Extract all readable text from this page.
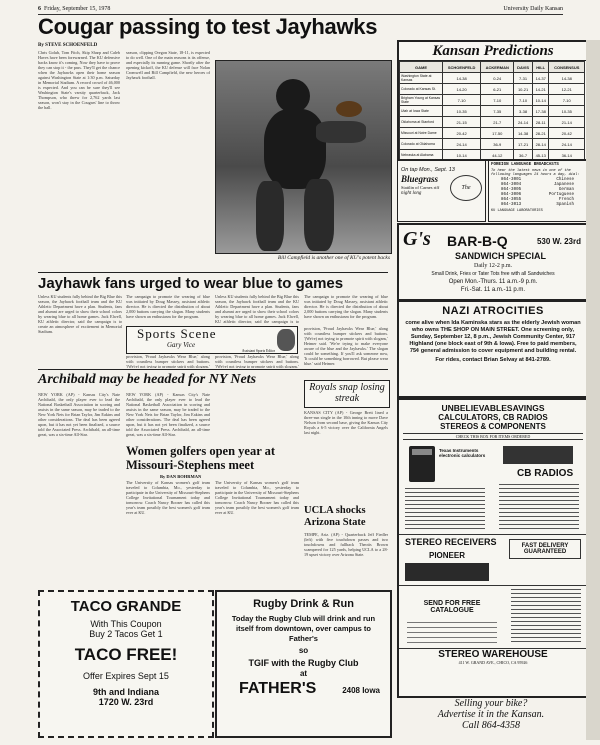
6 Friday, September 15, 1978	University Daily Kansan
Cougar passing to test Jayhawks
By STEVE SCHOENFELD
Chris Golub, Tom Fitch, Skip Sharp and Caleb Haves have been forewarned. The KU defensive backs know it's coming. Now they have to prove they can stop it - the pass. They'll get the chance when the Jayhawks open their home season against Washington State at 1:30 p.m. Saturday in Memorial Stadium. A record crowd of 46,000 is expected. And you can be sure they'll see Washington State's varsity quarterback, Jack Thompson, who threw for 2,762 yards last season, won't stay in the Cougars' line to throw the ball.
season, clipping Oregon State, 18-11, is expected to do well. One of the main reasons is its offense, and especially its running game. Shortly after the opening kickoff, the KU defense will face Nolan Cromwell and Bill Campfield, the new heroes of Jayhawk football.
Bill Campfield is another one of KU's potent backs
Kansan Predictions
GAME	SCHOENFELD	ACKERMAN	DAVIS	HILL	CONSENSUS
Washington State at Kansas	14-38	0-24	7-31	14-37	14-38
Colorado at Kansas St.	14-20	6-21	10-21	14-21	12-21
Brigham Young at Kansas State	7-10	7-10	7-10	10-14	7-10
Utah at Iowa State	10-35	7-35	3-38	17-38	10-35
Oklahoma at Stanford	21-15	21-7	24-14	28-11	21-14
Missouri at Notre Dame	20-42	17-50	14-38	28-21	20-42
Colorado at Oklahoma	24-14	36-9	17-21	28-14	24-14
Nebraska at Alabama	10-14	44-12	36-7	45-13	36-14
On tap Mon., Sept. 13
Bluegrass
Stattlin of Carnes riff
night long
The
FOREIGN LANGUAGE BROADCASTS
To hear the latest news in one of the following languages 24 hours a day, dial:
864-3001	Chinese
864-3004	Japanese
864-3005	German
864-3006	Portuguese
864-3055	French
864-3013	Spanish
KU LANGUAGE LABORATORIES
G's BAR-B-Q	530 W. 23rd
SANDWICH SPECIAL
Daily 12-2 p.m.
Small Drink, Fries or Tater Tots free with all Sandwiches
Open Mon.-Thurs. 11 a.m.-9 p.m.
Fri.-Sat. 11 a.m.-11 p.m.
Jayhawk fans urged to wear blue to games
Unless KU students fully behind the Big Blue this season, the Jayhawk football team and the KU Athletic Department have a plan. Students, fans and alumni are urged to show their school colors by wearing blue to all home games. Jack Elwell, KU athletic director, said the campaign is to create an atmosphere of excitement in Memorial Stadium.
The campaign to promote the wearing of blue was initiated by Doug Massey, assistant athletic director. He is directed the distribution of about 2,000 buttons carrying the slogan. Many students have shown an enthusiasm for the program.
Unless KU students fully behind the Big Blue this season, the Jayhawk football team and the KU Athletic Department have a plan. Students, fans and alumni are urged to show their school colors by wearing blue to all home games. Jack Elwell, KU athletic director, said the campaign is to
The campaign to promote the wearing of blue was initiated by Doug Massey, assistant athletic director. He is directed the distribution of about 2,000 buttons carrying the slogan. Many students have shown an enthusiasm for the program.
Sports Scene
Gary Vice
Assistant Sports Editor
provision, 'Proud Jayhawks Wear Blue,' along with countless bumper stickers and buttons. '(We're) not trying to promote spirit with slogans,'
provision, 'Proud Jayhawks Wear Blue,' along with countless bumper stickers and buttons. '(We're) not trying to promote spirit with slogans,' Heimer said. 'We're trying to make everyone aware of the blue and the Jayhawks.' The slogan could be something. If you'll ask someone now, 'It could be something borrowed. But please wear blue.' said Heimer.
provision, 'Proud Jayhawks Wear Blue,' along with countless bumper stickers and buttons. '(We're) not trying to promote spirit with slogans,'
Archibald may be headed for NY Nets
NEW YORK (AP) - Kansas City's Nate Archibald, the only player ever to lead the National Basketball Association in scoring and assists in the same season, may be traded to the New York Nets for Brian Taylor, Jim Eakins and other considerations. The deal has been agreed upon, but it has not yet been finalized, a source told the Associated Press. Archibald, an all-time great, was a six-time All-Star.
NEW YORK (AP) - Kansas City's Nate Archibald, the only player ever to lead the National Basketball Association in scoring and assists in the same season, may be traded to the New York Nets for Brian Taylor, Jim Eakins and other considerations. The deal has been agreed upon, but it has not yet been finalized, a source told the Associated Press. Archibald, an all-time great, was a six-time All-Star.
Royals snap losing streak
KANSAS CITY (AP) - George Brett lined a three-run single in the 10th inning to move Dave Nelson from second base, giving the Kansas City Royals a 6-5 victory over the California Angels last night.
Women golfers open year at Missouri-Stephens meet
By DAN BOHRMAN
The University of Kansas women's golf team traveled to Columbia, Mo., yesterday to participate in the University of Missouri-Stephens College Invitational Tournament today and tomorrow. Coach Nancy Boozer has called this year's team possibly the best women's golf team ever at KU.
The University of Kansas women's golf team traveled to Columbia, Mo., yesterday to participate in the University of Missouri-Stephens College Invitational Tournament today and tomorrow. Coach Nancy Boozer has called this year's team possibly the best women's golf team ever at KU.	UCLA shocks Arizona State
TEMPE, Ariz. (AP) - Quarterback Jeff Fiedler (left) with five touchdown passes and two touchdowns and fullback Theotis Brown scampered for 125 yards, helping UCLA to a 28-19 upset victory over Arizona State.
TACO GRANDE
With This Coupon
Buy 2 Tacos Get 1
TACO FREE!
Offer Expires Sept 15
9th and Indiana
1720 W. 23rd
Rugby Drink & Run
Today the Rugby Club will drink and run itself from downtown, over campus to Father's
so
TGIF with the Rugby Club
at
FATHER'S	2408 Iowa
NAZI ATROCITIES
come alive when Ida Kaminska stars as the elderly Jewish woman who owns THE SHOP ON MAIN STREET. One screening only, Sunday, September 12, 8 p.m., Jewish Community Center, 917 Highland (one block east of 9th & Iowa). Free to paid members, 75¢ general admission to cover equipment and building rental.
For rides, contact Brian Selvay at 841-2789.
UNBELIEVABLESAVINGS
CALCULATORS, CB RADIOS
STEREOS & COMPONENTS
CHECK THIS BOX FOR ITEMS ORDERED
Texas Instruments electronic calculators
CB RADIOS
STEREO RECEIVERS
PIONEER
FAST DELIVERY GUARANTEED
SEND FOR FREE CATALOGUE
STEREO WAREHOUSE
411 W. GRAND AVE., CHICO, CA 95926
Selling your bike?
Advertise it in the Kansan.
Call 864-4358
